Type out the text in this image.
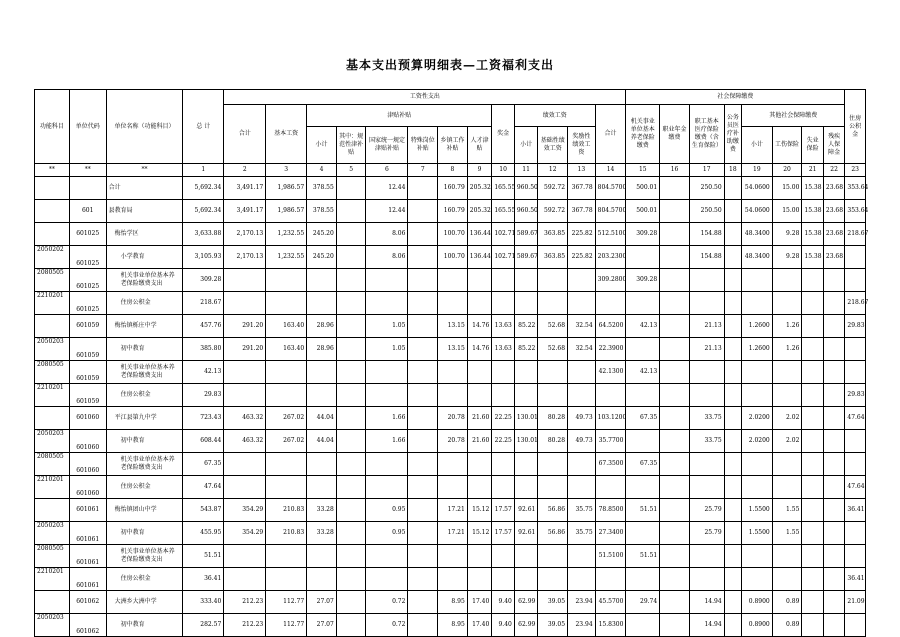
基本支出预算明细表—工资福利支出
功能科目	单位代码	单位名称（功能科目）	总 计	工资性支出													社会保障缴费								住房公积金
				合计	基本工资	津贴补贴						奖金	绩效工资			合计	机关事业单位基本养老保险缴费	职业年金缴费	职工基本医疗保险缴费（含生育保险）	公务员医疗补助缴费	其他社会保障缴费				
						小计	其中：规范性津补贴	国家统一规定津贴补贴	特殊岗位补贴	乡镇工作补贴	人才津贴		小计	基础性绩效工资	奖励性绩效工资						小计	工伤保险	失业保险	残疾人保障金	
**	**	**	1	2	3	4	5	6	7	8	9	10	11	12	13	14	15	16	17	18	19	20	21	22	23
		合计	5,692.34	3,491.17	1,986.57	378.55		12.44		160.79	205.32	165.55	960.50	592.72	367.78	804.5700	500.01		250.50		54.0600	15.00	15.38	23.68	353.64
	601	县教育局	5,692.34	3,491.17	1,986.57	378.55		12.44		160.79	205.32	165.55	960.50	592.72	367.78	804.5700	500.01		250.50		54.0600	15.00	15.38	23.68	353.64
	601025	梅怡学区	3,633.88	2,170.13	1,232.55	245.20		8.06		100.70	136.44	102.71	589.67	363.85	225.82	512.5100	309.28		154.88		48.3400	9.28	15.38	23.68	218.67
2050202	601025	小学教育	3,105.93	2,170.13	1,232.55	245.20		8.06		100.70	136.44	102.71	589.67	363.85	225.82	203.2300			154.88		48.3400	9.28	15.38	23.68	
2080505	601025	机关事业单位基本养老保险缴费支出	309.28													309.2800	309.28								
2210201	601025	住房公积金	218.67																						218.67
	601059	梅怡镇栎庄中学	457.76	291.20	163.40	28.96		1.05		13.15	14.76	13.63	85.22	52.68	32.54	64.5200	42.13		21.13		1.2600	1.26			29.83
2050203	601059	初中教育	385.80	291.20	163.40	28.96		1.05		13.15	14.76	13.63	85.22	52.68	32.54	22.3900			21.13		1.2600	1.26			
2080505	601059	机关事业单位基本养老保险缴费支出	42.13													42.1300	42.13								
2210201	601059	住房公积金	29.83																						29.83
	601060	平江县第九中学	723.43	463.32	267.02	44.04		1.66		20.78	21.60	22.25	130.01	80.28	49.73	103.1200	67.35		33.75		2.0200	2.02			47.64
2050203	601060	初中教育	608.44	463.32	267.02	44.04		1.66		20.78	21.60	22.25	130.01	80.28	49.73	35.7700			33.75		2.0200	2.02			
2080505	601060	机关事业单位基本养老保险缴费支出	67.35													67.3500	67.35								
2210201	601060	住房公积金	47.64																						47.64
	601061	梅怡镇团山中学	543.87	354.29	210.83	33.28		0.95		17.21	15.12	17.57	92.61	56.86	35.75	78.8500	51.51		25.79		1.5500	1.55			36.41
2050203	601061	初中教育	455.95	354.29	210.83	33.28		0.95		17.21	15.12	17.57	92.61	56.86	35.75	27.3400			25.79		1.5500	1.55			
2080505	601061	机关事业单位基本养老保险缴费支出	51.51													51.5100	51.51								
2210201	601061	住房公积金	36.41																						36.41
	601062	大洲乡大洲中学	333.40	212.23	112.77	27.07		0.72		8.95	17.40	9.40	62.99	39.05	23.94	45.5700	29.74		14.94		0.8900	0.89			21.09
2050203	601062	初中教育	282.57	212.23	112.77	27.07		0.72		8.95	17.40	9.40	62.99	39.05	23.94	15.8300			14.94		0.8900	0.89			
